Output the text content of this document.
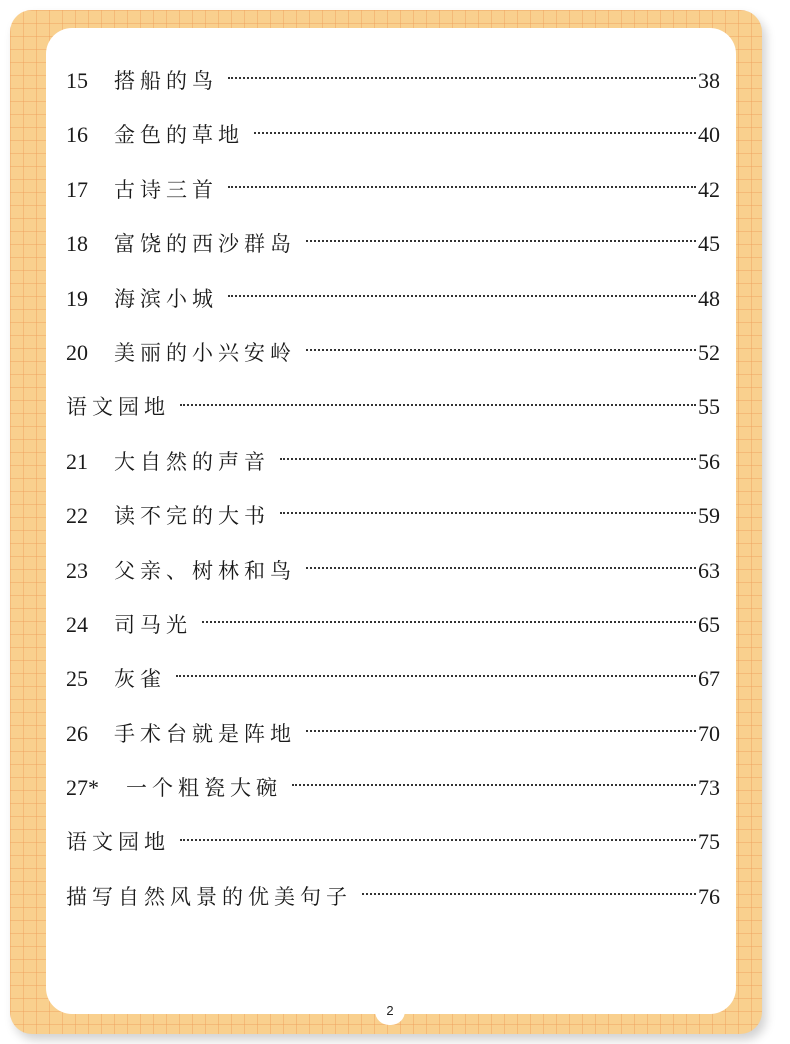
15	搭船的鸟	38
16	金色的草地	40
17	古诗三首	42
18	富饶的西沙群岛	45
19	海滨小城	48
20	美丽的小兴安岭	52
语文园地	55
21	大自然的声音	56
22	读不完的大书	59
23	父亲、树林和鸟	63
24	司马光	65
25	灰雀	67
26	手术台就是阵地	70
27*	一个粗瓷大碗	73
语文园地	75
描写自然风景的优美句子	76
2
